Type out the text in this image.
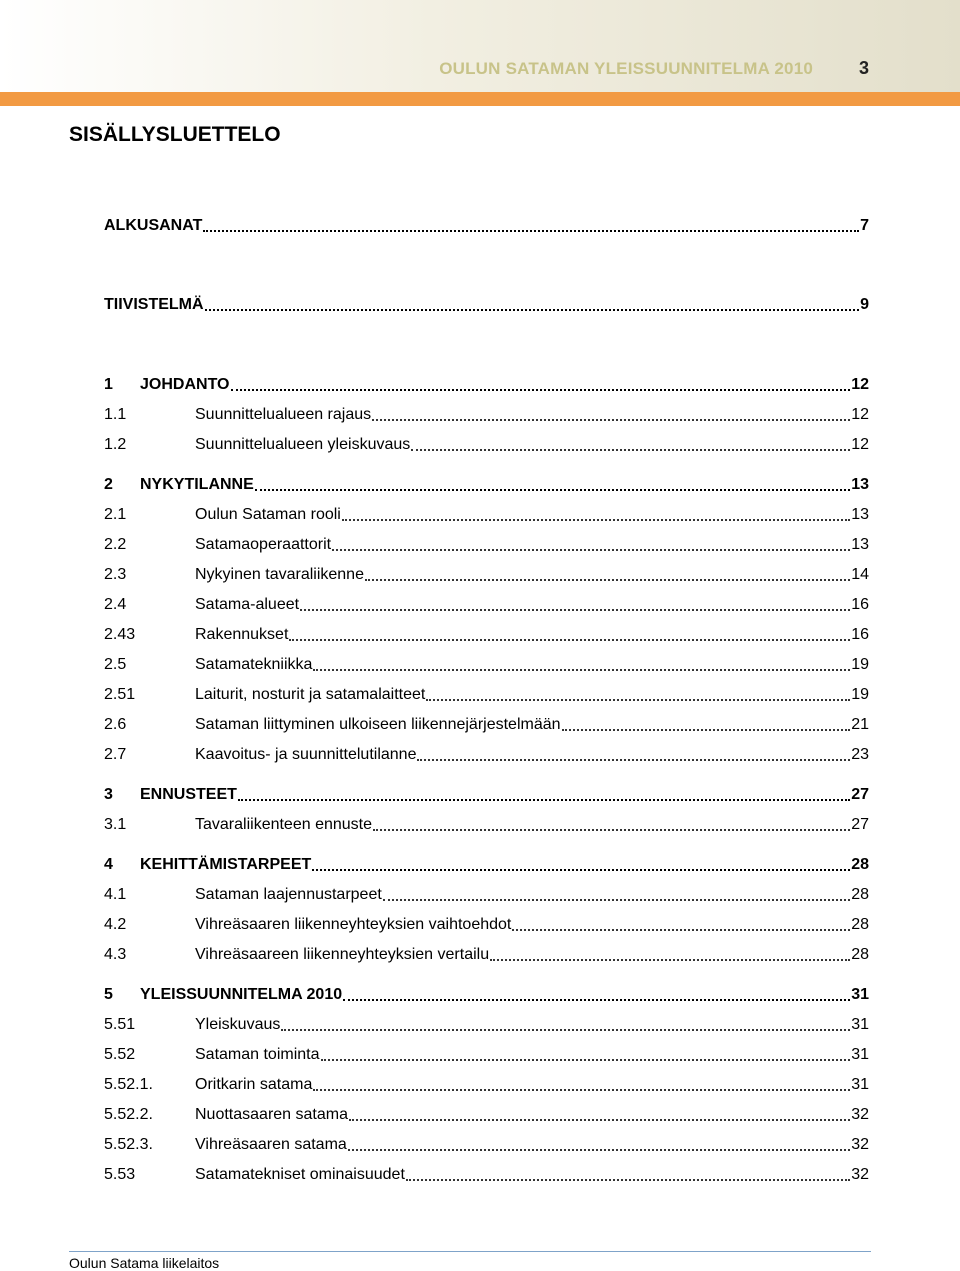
OULUN SATAMAN YLEISSUUNNITELMA 2010	3
SISÄLLYSLUETTELO
ALKUSANAT	7
TIIVISTELMÄ	9
1	JOHDANTO	12
1.1	Suunnittelualueen rajaus	12
1.2	Suunnittelualueen yleiskuvaus	12
2	NYKYTILANNE	13
2.1	Oulun Sataman rooli	13
2.2	Satamaoperaattorit	13
2.3	Nykyinen tavaraliikenne	14
2.4	Satama-alueet	16
2.43	Rakennukset	16
2.5	Satamatekniikka	19
2.51	Laiturit, nosturit ja satamalaitteet	19
2.6	Sataman liittyminen ulkoiseen liikennejärjestelmään	21
2.7	Kaavoitus- ja suunnittelutilanne	23
3	ENNUSTEET	27
3.1	Tavaraliikenteen ennuste	27
4	KEHITTÄMISTARPEET	28
4.1	Sataman laajennustarpeet	28
4.2	Vihreäsaaren liikenneyhteyksien vaihtoehdot	28
4.3	Vihreäsaareen liikenneyhteyksien vertailu	28
5	YLEISSUUNNITELMA 2010	31
5.51	Yleiskuvaus	31
5.52	Sataman toiminta	31
5.52.1.	Oritkarin satama	31
5.52.2.	Nuottasaaren satama	32
5.52.3.	Vihreäsaaren satama	32
5.53	Satamatekniset ominaisuudet	32
Oulun Satama liikelaitos
